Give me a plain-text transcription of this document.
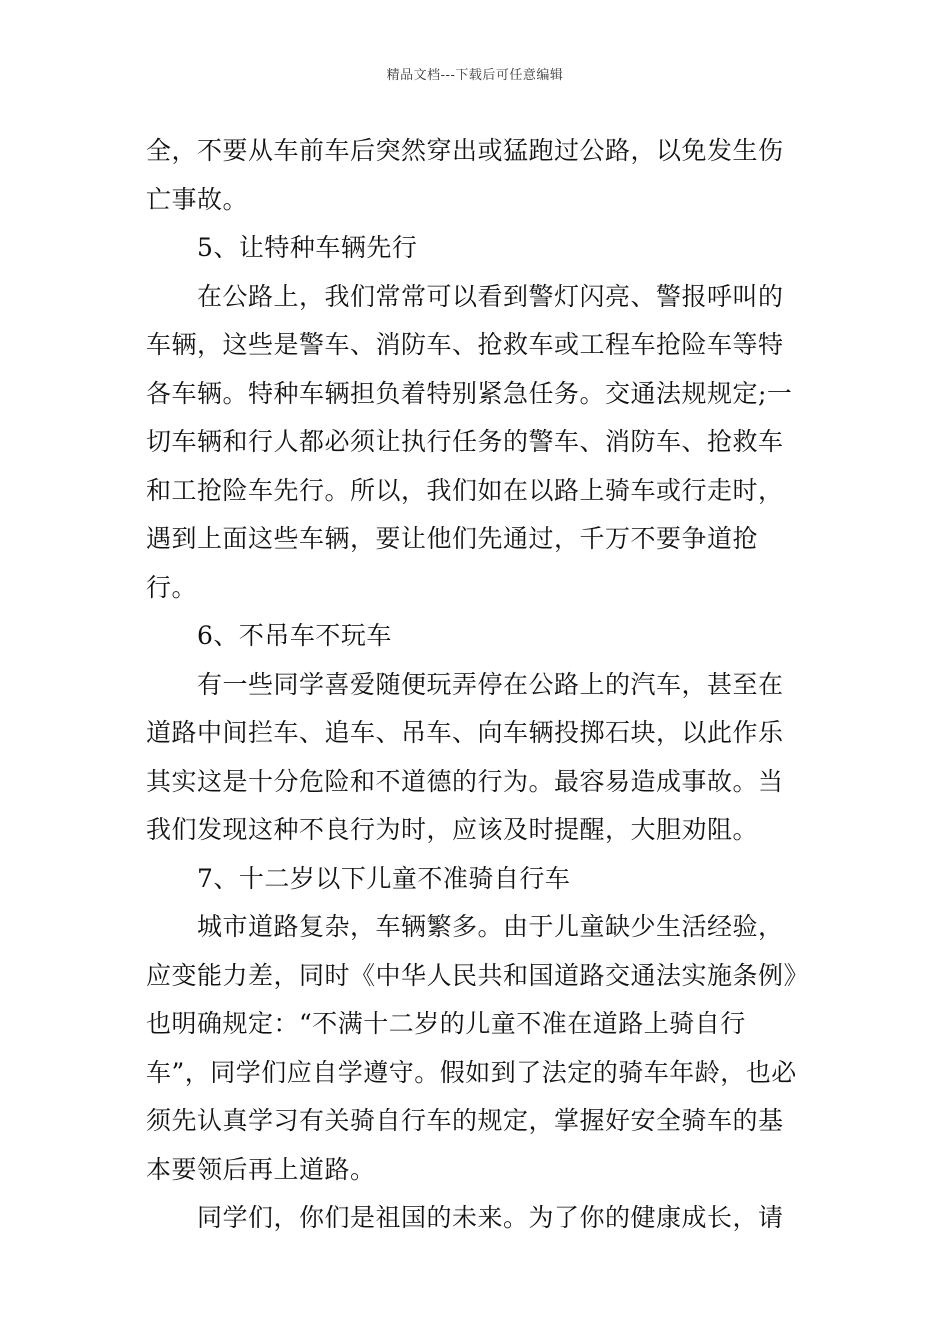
精品文档---下载后可任意编辑

全，不要从车前车后突然穿出或猛跑过公路，以免发生伤亡事故。

5、让特种车辆先行

在公路上，我们常常可以看到警灯闪亮、警报呼叫的车辆，这些是警车、消防车、抢救车或工程车抢险车等特各车辆。特种车辆担负着特别紧急任务。交通法规规定;一切车辆和行人都必须让执行任务的警车、消防车、抢救车和工抢险车先行。所以，我们如在以路上骑车或行走时，遇到上面这些车辆，要让他们先通过，千万不要争道抢行。

6、不吊车不玩车

有一些同学喜爱随便玩弄停在公路上的汽车，甚至在道路中间拦车、追车、吊车、向车辆投掷石块，以此作乐其实这是十分危险和不道德的行为。最容易造成事故。当我们发现这种不良行为时，应该及时提醒，大胆劝阻。

7、十二岁以下儿童不准骑自行车

城市道路复杂，车辆繁多。由于儿童缺少生活经验，应变能力差，同时《中华人民共和国道路交通法实施条例》也明确规定：“不满十二岁的儿童不准在道路上骑自行车”，同学们应自学遵守。假如到了法定的骑车年龄，也必须先认真学习有关骑自行车的规定，掌握好安全骑车的基本要领后再上道路。

同学们，你们是祖国的未来。为了你的健康成长，请
